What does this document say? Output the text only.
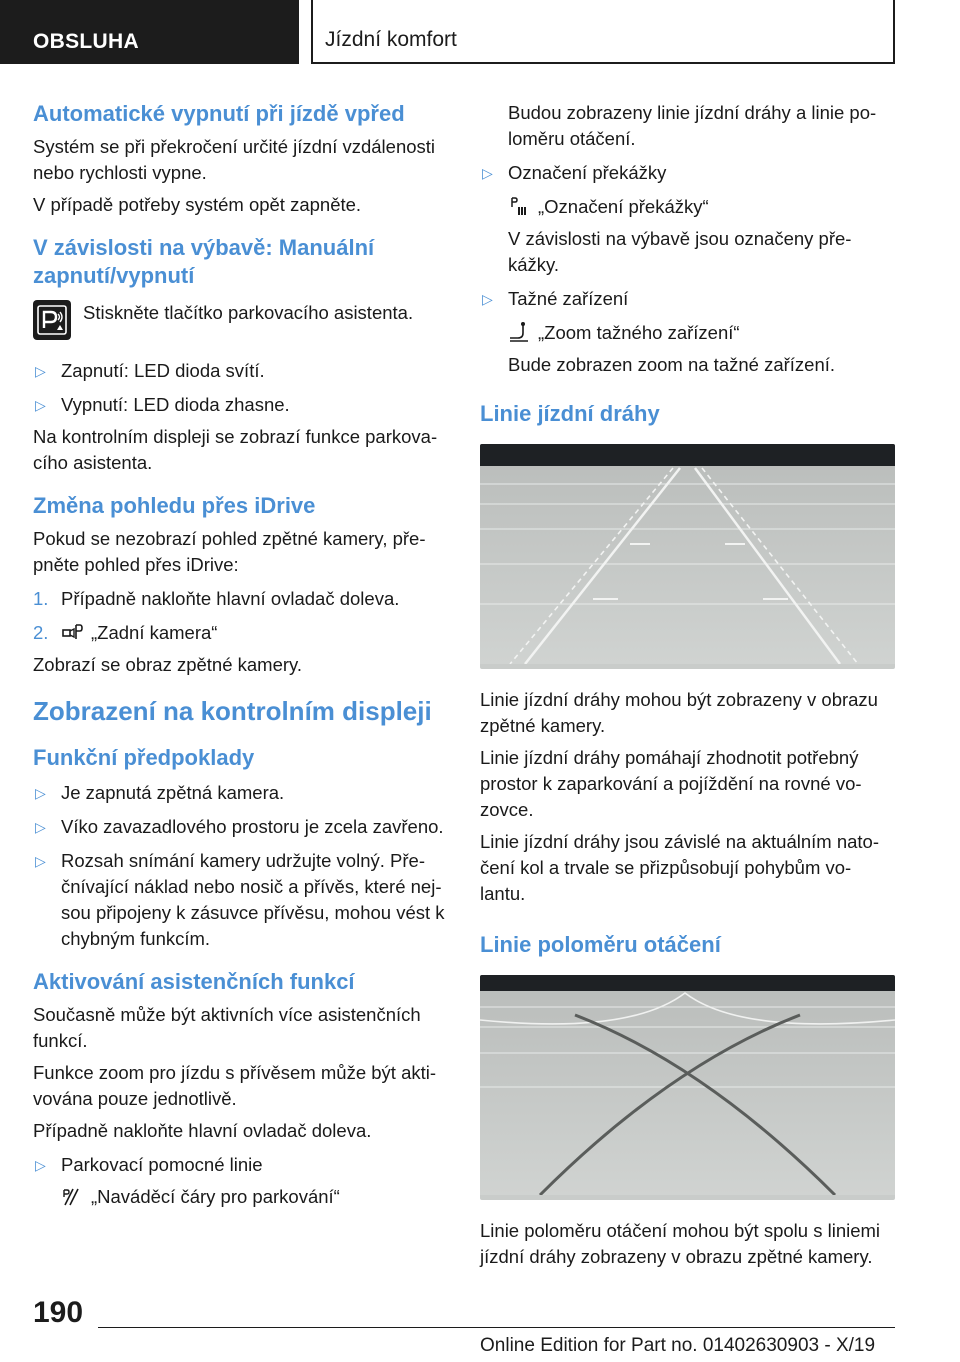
OBSLUHA	Jízdní komfort
Automatické vypnutí při jízdě vpřed

Systém se při překročení určité jízdní vzdálenosti nebo rychlosti vypne.

V případě potřeby systém opět zapněte.

V závislosti na výbavě: Manuální zapnutí/vypnutí
Stiskněte tlačítko parkovacího asistenta.
▷ Zapnutí: LED dioda svítí.
▷ Vypnutí: LED dioda zhasne.

Na kontrolním displeji se zobrazí funkce parkova‐cího asistenta.

Změna pohledu přes iDrive

Pokud se nezobrazí pohled zpětné kamery, pře‐pněte pohled přes iDrive:

1. Případně nakloňte hlavní ovladač doleva.
2. „Zadní kamera“

Zobrazí se obraz zpětné kamery.

Zobrazení na kontrolním displeji
Funkční předpoklady
▷ Je zapnutá zpětná kamera.
▷ Víko zavazadlového prostoru je zcela zavřeno.
▷ Rozsah snímání kamery udržujte volný. Pře‐čnívající náklad nebo nosič a přívěs, které nej‐sou připojeny k zásuvce přívěsu, mohou vést k chybným funkcím.
Aktivování asistenčních funkcí

Současně může být aktivních více asistenčních funkcí.

Funkce zoom pro jízdu s přívěsem může být akti‐vována pouze jednotlivě.

Případně nakloňte hlavní ovladač doleva.

▷ Parkovací pomocné linie
„Naváděcí čáry pro parkování“

Budou zobrazeny linie jízdní dráhy a linie po‐loměru otáčení.

▷ Označení překážky
„Označení překážky“

V závislosti na výbavě jsou označeny pře‐kážky.

▷ Tažné zařízení
„Zoom tažného zařízení“

Bude zobrazen zoom na tažné zařízení.

Linie jízdní dráhy

Linie jízdní dráhy mohou být zobrazeny v obrazu zpětné kamery.

Linie jízdní dráhy pomáhají zhodnotit potřebný prostor k zaparkování a pojíždění na rovné vo‐zovce.

Linie jízdní dráhy jsou závislé na aktuálním nato‐čení kol a trvale se přizpůsobují pohybům vo‐lantu.

Linie poloměru otáčení

Linie poloměru otáčení mohou být spolu s liniemi jízdní dráhy zobrazeny v obrazu zpětné kamery.

190
Online Edition for Part no. 01402630903 - X/19
